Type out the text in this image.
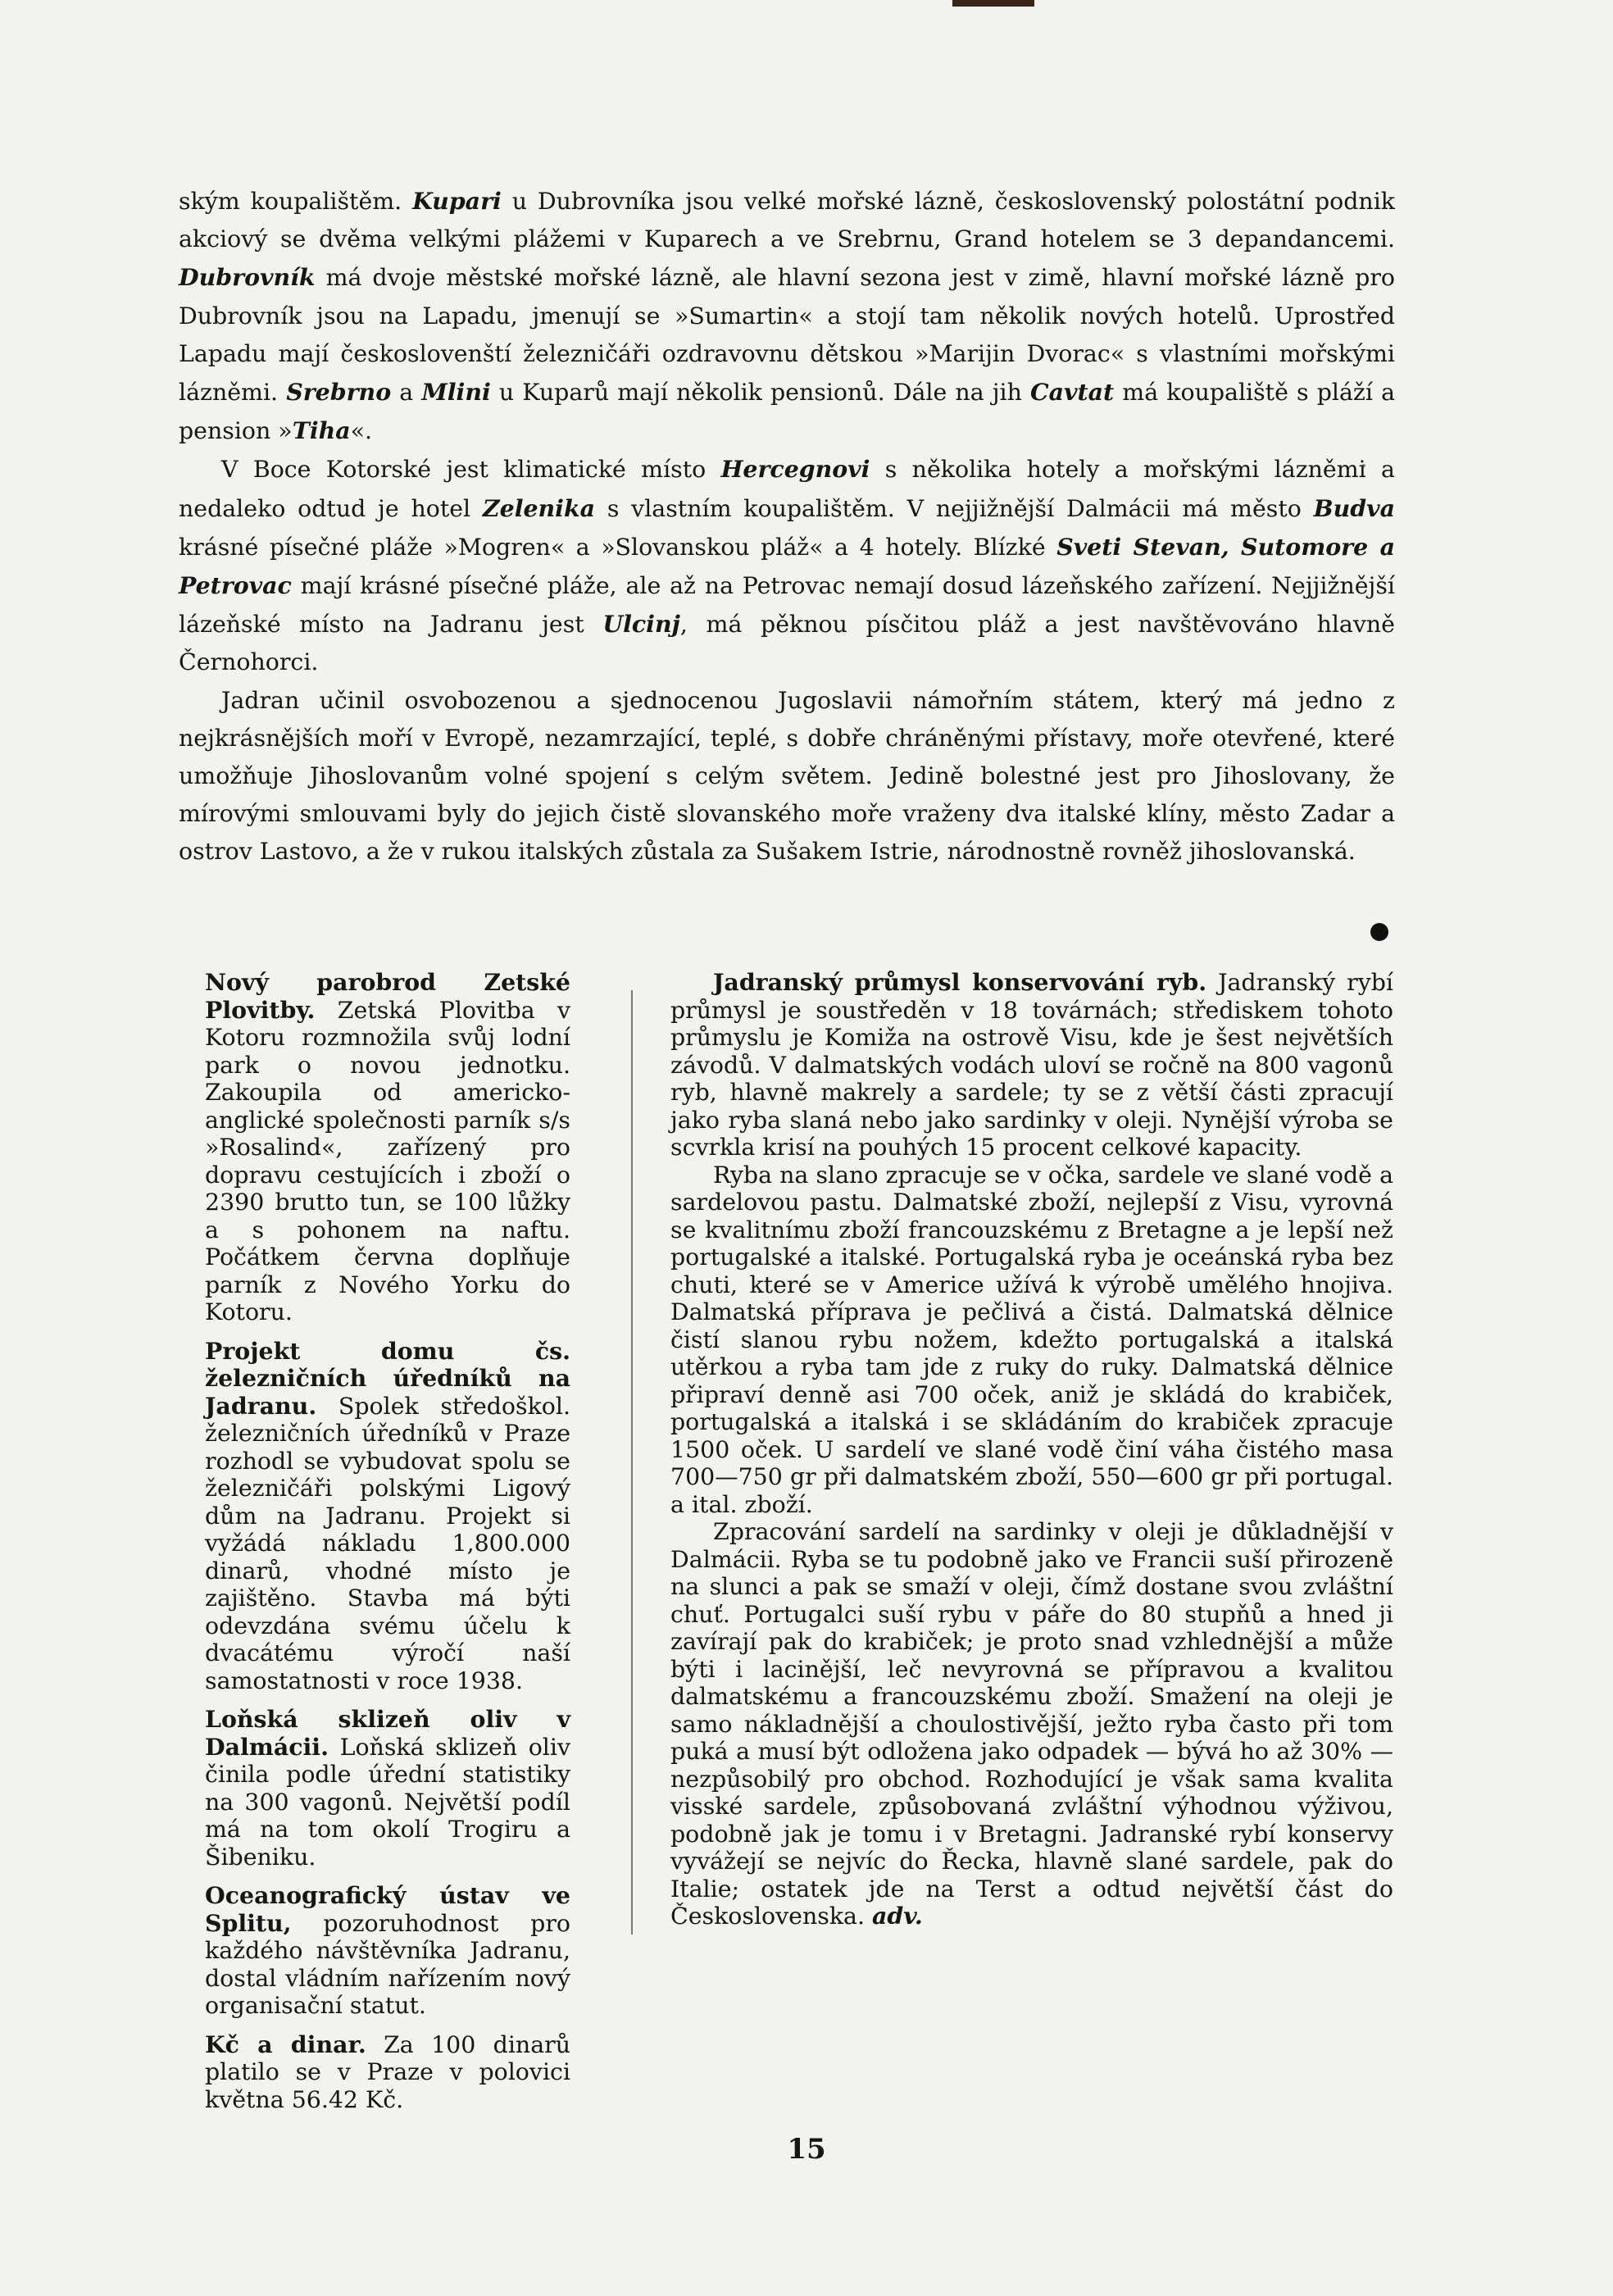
ským koupalištěm. Kupari u Dubrovníka jsou velké mořské lázně, československý polostátní podnik akciový se dvěma velkými plážemi v Kuparech a ve Srebrnu, Grand hotelem se 3 depandancemi. Dubrovník má dvoje městské mořské lázně, ale hlavní sezona jest v zimě, hlavní mořské lázně pro Dubrovník jsou na Lapadu, jmenují se »Sumartin« a stojí tam několik nových hotelů. Uprostřed Lapadu mají českoslovenští železničáři ozdravovnu dětskou »Marijin Dvorac« s vlastními mořskými lázněmi. Srebrno a Mlini u Kuparů mají několik pensionů. Dále na jih Cavtat má koupaliště s pláží a pension »Tiha«.

V Boce Kotorské jest klimatické místo Hercegnovi s několika hotely a mořskými lázněmi a nedaleko odtud je hotel Zelenika s vlastním koupalištěm. V nejjižnější Dalmácii má město Budva krásné písečné pláže »Mogren« a »Slovanskou pláž« a 4 hotely. Blízké Sveti Stevan, Sutomore a Petrovac mají krásné písečné pláže, ale až na Petrovac nemají dosud lázeňského zařízení. Nejjižnější lázeňské místo na Jadranu jest Ulcinj, má pěknou písčitou pláž a jest navštěvováno hlavně Černohorci.

Jadran učinil osvobozenou a sjednocenou Jugoslavii námořním státem, který má jedno z nejkrásnějších moří v Evropě, nezamrzající, teplé, s dobře chráněnými přístavy, moře otevřené, které umožňuje Jihoslovanům volné spojení s celým světem. Jedině bolestné jest pro Jihoslovany, že mírovými smlouvami byly do jejich čistě slovanského moře vraženy dva italské klíny, město Zadar a ostrov Lastovo, a že v rukou italských zůstala za Sušakem Istrie, národnostně rovněž jihoslovanská.

Nový parobrod Zetské Plovitby. Zetská Plovitba v Kotoru rozmnožila svůj lodní park o novou jednotku. Zakoupila od americko-anglické společnosti parník s/s »Rosalind«, zařízený pro dopravu cestujících i zboží o 2390 brutto tun, se 100 lůžky a s pohonem na naftu. Počátkem června doplňuje parník z Nového Yorku do Kotoru.

Projekt domu čs. železničních úředníků na Jadranu. Spolek středoškol. železničních úředníků v Praze rozhodl se vybudovat spolu se železničáři polskými Ligový dům na Jadranu. Projekt si vyžádá nákladu 1,800.000 dinarů, vhodné místo je zajištěno. Stavba má býti odevzdána svému účelu k dvacátému výročí naší samostatnosti v roce 1938.

Loňská sklizeň oliv v Dalmácii. Loňská sklizeň oliv činila podle úřední statistiky na 300 vagonů. Největší podíl má na tom okolí Trogiru a Šibeniku.

Oceanografický ústav ve Splitu, pozoruhodnost pro každého návštěvníka Jadranu, dostal vládním nařízením nový organisační statut.

Kč a dinar. Za 100 dinarů platilo se v Praze v polovici května 56.42 Kč.

Jadranský průmysl konservování ryb. Jadranský rybí průmysl je soustředěn v 18 továrnách; střediskem tohoto průmyslu je Komiža na ostrově Visu, kde je šest největších závodů. V dalmatských vodách uloví se ročně na 800 vagonů ryb, hlavně makrely a sardele; ty se z větší části zpracují jako ryba slaná nebo jako sardinky v oleji. Nynější výroba se scvrkla krisí na pouhých 15 procent celkové kapacity.

Ryba na slano zpracuje se v očka, sardele ve slané vodě a sardelovou pastu. Dalmatské zboží, nejlepší z Visu, vyrovná se kvalitnímu zboží francouzskému z Bretagne a je lepší než portugalské a italské. Portugalská ryba je oceánská ryba bez chuti, které se v Americe užívá k výrobě umělého hnojiva. Dalmatská příprava je pečlivá a čistá. Dalmatská dělnice čistí slanou rybu nožem, kdežto portugalská a italská utěrkou a ryba tam jde z ruky do ruky. Dalmatská dělnice připraví denně asi 700 oček, aniž je skládá do krabiček, portugalská a italská i se skládáním do krabiček zpracuje 1500 oček. U sardelí ve slané vodě činí váha čistého masa 700—750 gr při dalmatském zboží, 550—600 gr při portugal. a ital. zboží.

Zpracování sardelí na sardinky v oleji je důkladnější v Dalmácii. Ryba se tu podobně jako ve Francii suší přirozeně na slunci a pak se smaží v oleji, čímž dostane svou zvláštní chuť. Portugalci suší rybu v páře do 80 stupňů a hned ji zavírají pak do krabiček; je proto snad vzhlednější a může býti i lacinější, leč nevyrovná se přípravou a kvalitou dalmatskému a francouzskému zboží. Smažení na oleji je samo nákladnější a choulostivější, ježto ryba často při tom puká a musí být odložena jako odpadek — bývá ho až 30% — nezpůsobilý pro obchod. Rozhodující je však sama kvalita visské sardele, způsobovaná zvláštní výhodnou výživou, podobně jak je tomu i v Bretagni. Jadranské rybí konservy vyvážejí se nejvíc do Řecka, hlavně slané sardele, pak do Italie; ostatek jde na Terst a odtud největší část do Československa. adv.

15
